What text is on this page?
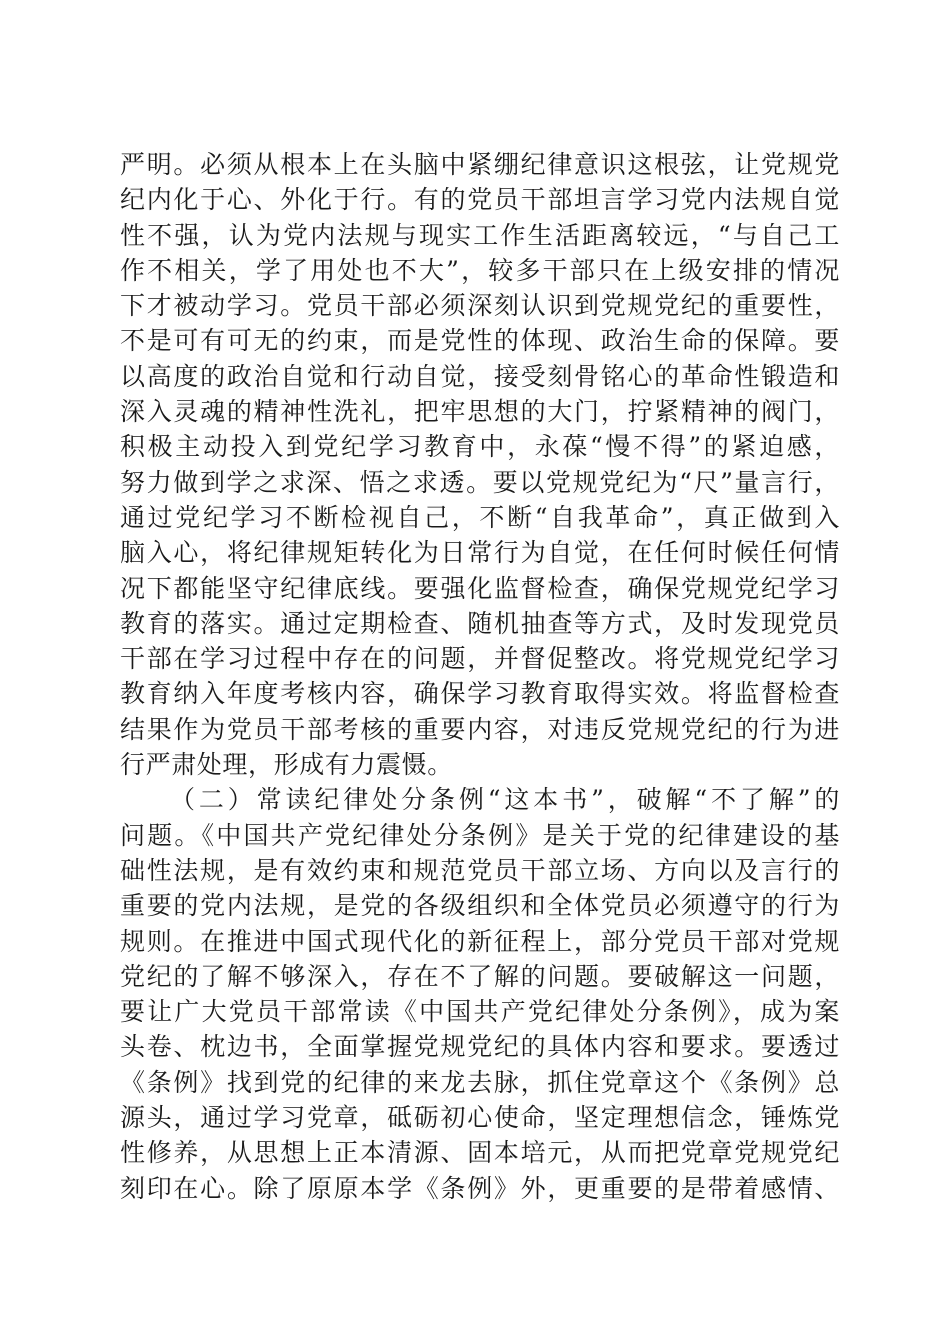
严明。必须从根本上在头脑中紧绷纪律意识这根弦，让党规党
纪内化于心、外化于行。有的党员干部坦言学习党内法规自觉
性不强，认为党内法规与现实工作生活距离较远，“与自己工
作不相关，学了用处也不大”，较多干部只在上级安排的情况
下才被动学习。党员干部必须深刻认识到党规党纪的重要性，
不是可有可无的约束，而是党性的体现、政治生命的保障。要
以高度的政治自觉和行动自觉，接受刻骨铭心的革命性锻造和
深入灵魂的精神性洗礼，把牢思想的大门，拧紧精神的阀门，
积极主动投入到党纪学习教育中，永葆“慢不得”的紧迫感，
努力做到学之求深、悟之求透。要以党规党纪为“尺”量言行，
通过党纪学习不断检视自己，不断“自我革命”，真正做到入
脑入心，将纪律规矩转化为日常行为自觉，在任何时候任何情
况下都能坚守纪律底线。要强化监督检查，确保党规党纪学习
教育的落实。通过定期检查、随机抽查等方式，及时发现党员
干部在学习过程中存在的问题，并督促整改。将党规党纪学习
教育纳入年度考核内容，确保学习教育取得实效。将监督检查
结果作为党员干部考核的重要内容，对违反党规党纪的行为进
行严肃处理，形成有力震慑。
（二）常读纪律处分条例“这本书”，破解“不了解”的
问题。《中国共产党纪律处分条例》是关于党的纪律建设的基
础性法规，是有效约束和规范党员干部立场、方向以及言行的
重要的党内法规，是党的各级组织和全体党员必须遵守的行为
规则。在推进中国式现代化的新征程上，部分党员干部对党规
党纪的了解不够深入，存在不了解的问题。要破解这一问题，
要让广大党员干部常读《中国共产党纪律处分条例》，成为案
头卷、枕边书，全面掌握党规党纪的具体内容和要求。要透过
《条例》找到党的纪律的来龙去脉，抓住党章这个《条例》总
源头，通过学习党章，砥砺初心使命，坚定理想信念，锤炼党
性修养，从思想上正本清源、固本培元，从而把党章党规党纪
刻印在心。除了原原本学《条例》外，更重要的是带着感情、
